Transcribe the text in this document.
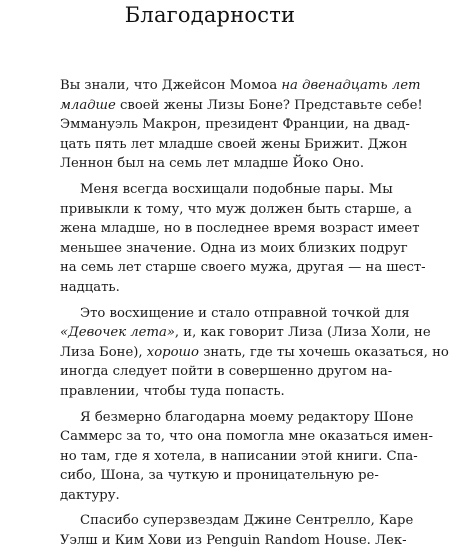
Благодарности
Вы знали, что Джейсон Момоа на двенадцать лет
младше своей жены Лизы Боне? Представьте себе!
Эммануэль Макрон, президент Франции, на двад-
цать пять лет младше своей жены Брижит. Джон
Леннон был на семь лет младше Йоко Оно.
Меня всегда восхищали подобные пары. Мы
привыкли к тому, что муж должен быть старше, а
жена младше, но в последнее время возраст имеет
меньшее значение. Одна из моих близких подруг
на семь лет старше своего мужа, другая — на шест-
надцать.
Это восхищение и стало отправной точкой для
«Девочек лета», и, как говорит Лиза (Лиза Холи, не
Лиза Боне), хорошо знать, где ты хочешь оказаться, но
иногда следует пойти в совершенно другом на-
правлении, чтобы туда попасть.
Я безмерно благодарна моему редактору Шоне
Саммерс за то, что она помогла мне оказаться имен-
но там, где я хотела, в написании этой книги. Спа-
сибо, Шона, за чуткую и проницательную ре-
дактуру.
Спасибо суперзвездам Джине Сентрелло, Каре
Уэлш и Ким Хови из Penguin Random House. Лек-
